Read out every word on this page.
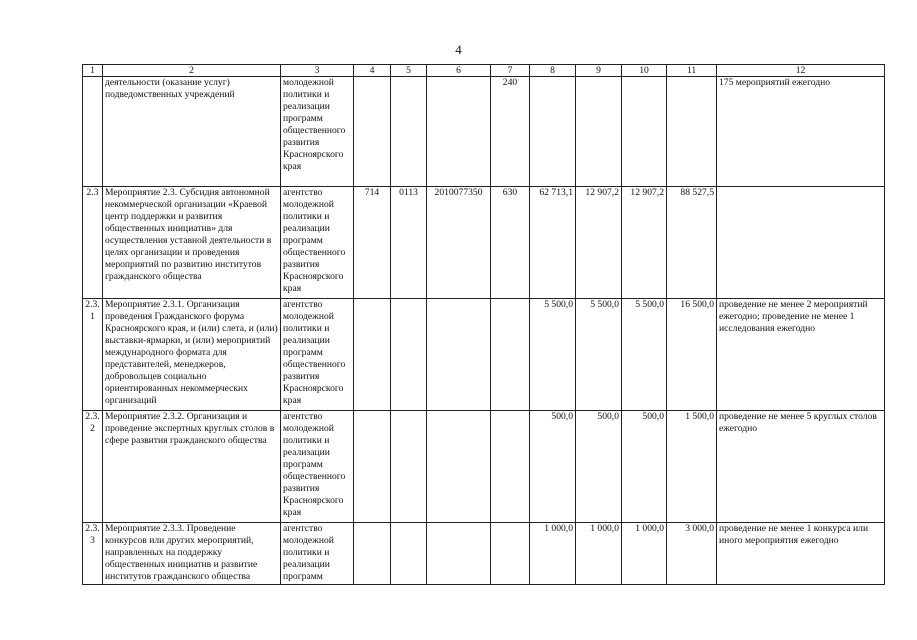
4
1	2	3	4	5	6	7	8	9	10	11	12
	деятельности (оказание услуг) подведомственных учреждений	молодежной политики и реализации программ общественного развития Красноярского края				240					175 мероприятий ежегодно
2.3	Мероприятие 2.3. Субсидия автономной некоммерческой организации «Краевой центр поддержки и развития общественных инициатив» для осуществления уставной деятельности в целях организации и проведения мероприятий по развитию институтов гражданского общества	агентство молодежной политики и реализации программ общественного развития Красноярского края	714	0113	2010077350	630	62 713,1	12 907,2	12 907,2	88 527,5	
2.3.1	Мероприятие 2.3.1. Организация проведения Гражданского форума Красноярского края, и (или) слета, и (или) выставки-ярмарки, и (или) мероприятий международного формата для представителей, менеджеров, добровольцев социально ориентированных некоммерческих организаций	агентство молодежной политики и реализации программ общественного развития Красноярского края					5 500,0	5 500,0	5 500,0	16 500,0	проведение не менее 2 мероприятий ежегодно; проведение не менее 1 исследования ежегодно
2.3.2	Мероприятие 2.3.2. Организация и проведение экспертных круглых столов в сфере развития гражданского общества	агентство молодежной политики и реализации программ общественного развития Красноярского края					500,0	500,0	500,0	1 500,0	проведение не менее 5 круглых столов ежегодно
2.3.3	Мероприятие 2.3.3. Проведение конкурсов или других мероприятий, направленных на поддержку общественных инициатив и развитие институтов гражданского общества	агентство молодежной политики и реализации программ					1 000,0	1 000,0	1 000,0	3 000,0	проведение не менее 1 конкурса или иного мероприятия ежегодно
